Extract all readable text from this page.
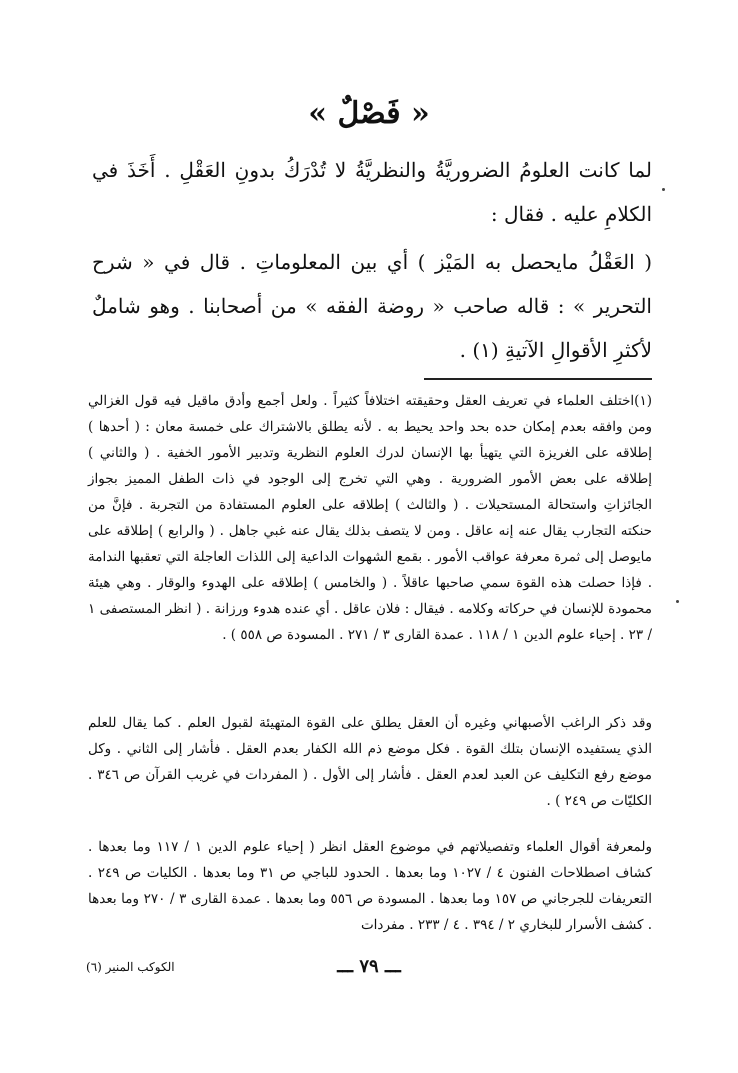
« فَصْلٌ »
لما كانت العلومُ الضروريَّةُ والنظريَّةُ لا تُدْرَكُ بدونِ العَقْلِ . أَخَذَ في الكلامِ عليه . فقال :
( العَقْلُ مايحصل به المَيْز ) أي بين المعلوماتِ . قال في « شرح التحرير » : قاله صاحب « روضة الفقه » من أصحابنا . وهو شاملٌ لأكثرِ الأقوالِ الآتيةِ (١) .
(١)اختلف العلماء في تعريف العقل وحقيقته اختلافاً كثيراً . ولعل أجمع وأدق ماقيل فيه قول الغزالي ومن وافقه بعدم إمكان حده بحد واحد يحيط به . لأنه يطلق بالاشتراك على خمسة معان : ( أحدها ) إطلاقه على الغريزة التي يتهيأ بها الإنسان لدرك العلوم النظرية وتدبير الأمور الخفية . ( والثاني ) إطلاقه على بعض الأمور الضرورية . وهي التي تخرج إلى الوجود في ذات الطفل المميز بجواز الجائزاتِ واستحالة المستحيلات . ( والثالث ) إطلاقه على العلوم المستفادة من التجربة . فإنَّ من حنكته التجارب يقال عنه إنه عاقل . ومن لا يتصف بذلك يقال عنه غبي جاهل . ( والرابع ) إطلاقه على مايوصل إلى ثمرة معرفة عواقب الأمور . بقمع الشهوات الداعية إلى اللذات العاجلة التي تعقبها الندامة . فإذا حصلت هذه القوة سمي صاحبها عاقلاً . ( والخامس ) إطلاقه على الهدوء والوقار . وهي هيئة محمودة للإنسان في حركاته وكلامه . فيقال : فلان عاقل . أي عنده هدوء ورزانة . ( انظر المستصفى ١ / ٢٣ . إحياء علوم الدين ١ / ١١٨ . عمدة القارى ٣ / ٢٧١ . المسودة ص ٥٥٨ ) .
وقد ذكر الراغب الأصبهاني وغيره أن العقل يطلق على القوة المتهيئة لقبول العلم . كما يقال للعلم الذي يستفيده الإنسان بتلك القوة . فكل موضع ذم الله الكفار بعدم العقل . فأشار إلى الثاني . وكل موضع رفع التكليف عن العبد لعدم العقل . فأشار إلى الأول . ( المفردات في غريب القرآن ص ٣٤٦ . الكليّات ص ٢٤٩ ) .
ولمعرفة أقوال العلماء وتفصيلاتهم في موضوع العقل انظر ( إحياء علوم الدين ١ / ١١٧ وما بعدها . كشاف اصطلاحات الفنون ٤ / ١٠٢٧ وما بعدها . الحدود للباجي ص ٣١ وما بعدها . الكليات ص ٢٤٩ . التعريفات للجرجاني ص ١٥٧ وما بعدها . المسودة ص ٥٥٦ وما بعدها . عمدة القارى ٣ / ٢٧٠ وما بعدها . كشف الأسرار للبخاري ٢ / ٣٩٤ . ٤ / ٢٣٣ . مفردات
ـــ ٧٩ ـــ
الكوكب المنير (٦)
